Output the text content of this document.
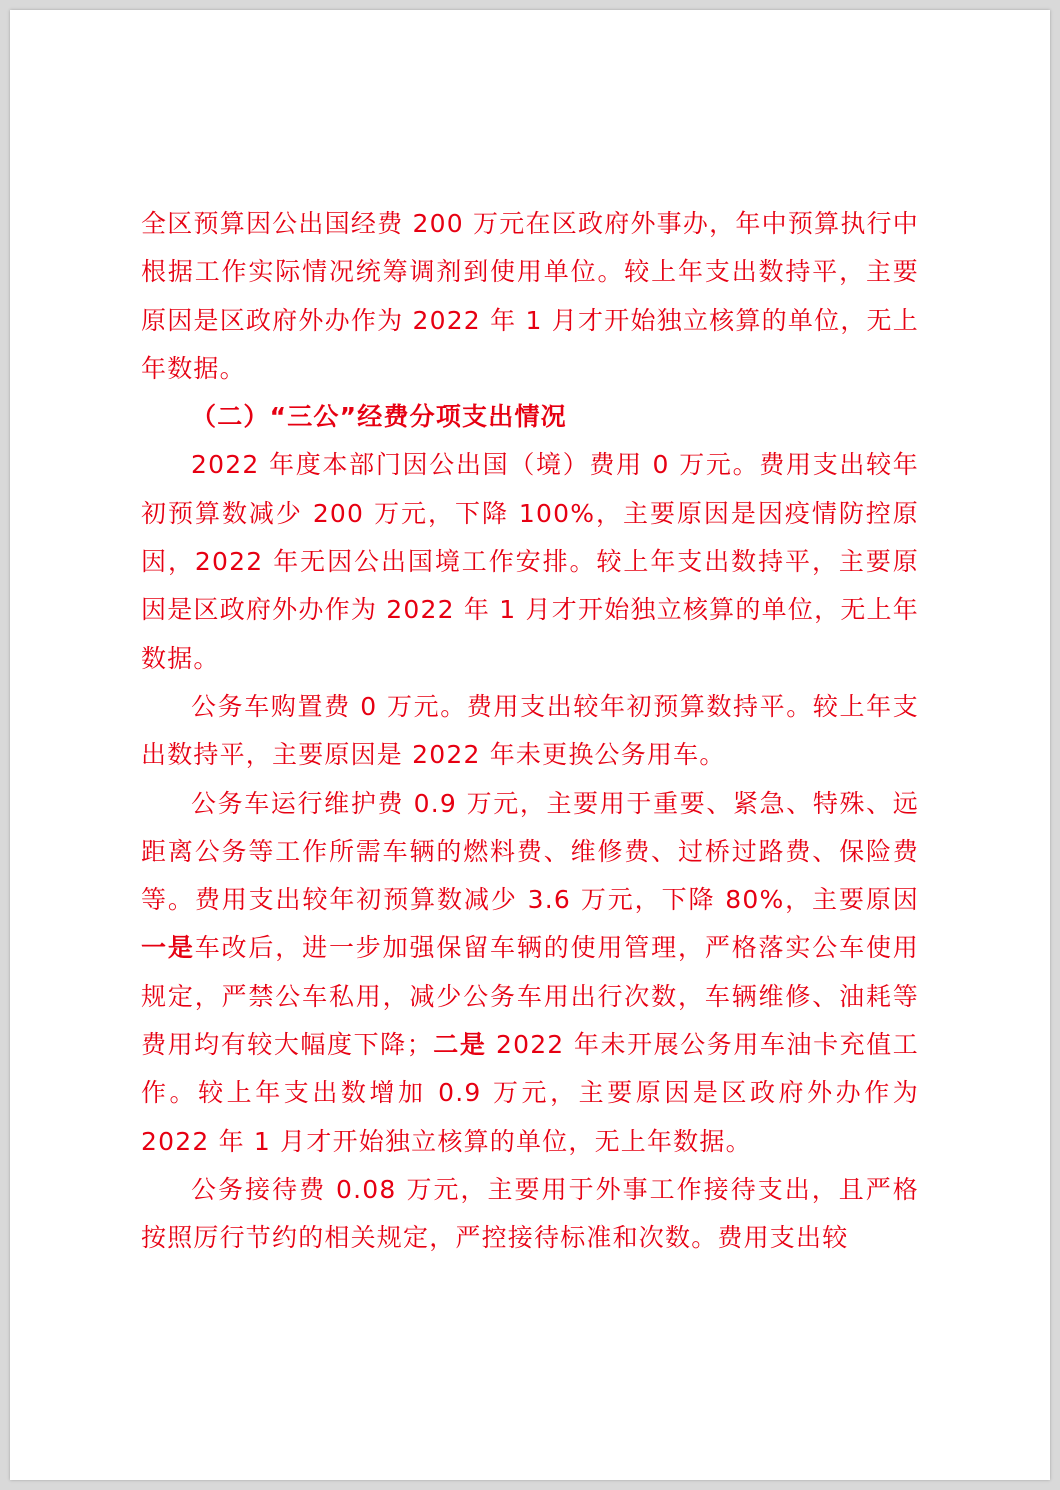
全区预算因公出国经费 200 万元在区政府外事办，年中预算执行中根据工作实际情况统筹调剂到使用单位。较上年支出数持平，主要原因是区政府外办作为 2022 年 1 月才开始独立核算的单位，无上年数据。

（二）“三公”经费分项支出情况

2022 年度本部门因公出国（境）费用 0 万元。费用支出较年初预算数减少 200 万元，下降 100%，主要原因是因疫情防控原因，2022 年无因公出国境工作安排。较上年支出数持平，主要原因是区政府外办作为 2022 年 1 月才开始独立核算的单位，无上年数据。

公务车购置费 0 万元。费用支出较年初预算数持平。较上年支出数持平，主要原因是 2022 年未更换公务用车。

公务车运行维护费 0.9 万元，主要用于重要、紧急、特殊、远距离公务等工作所需车辆的燃料费、维修费、过桥过路费、保险费等。费用支出较年初预算数减少 3.6 万元，下降 80%，主要原因一是车改后，进一步加强保留车辆的使用管理，严格落实公车使用规定，严禁公车私用，减少公务车用出行次数，车辆维修、油耗等费用均有较大幅度下降；二是 2022 年未开展公务用车油卡充值工作。较上年支出数增加 0.9 万元，主要原因是区政府外办作为 2022 年 1 月才开始独立核算的单位，无上年数据。

公务接待费 0.08 万元，主要用于外事工作接待支出，且严格按照厉行节约的相关规定，严控接待标准和次数。费用支出较
